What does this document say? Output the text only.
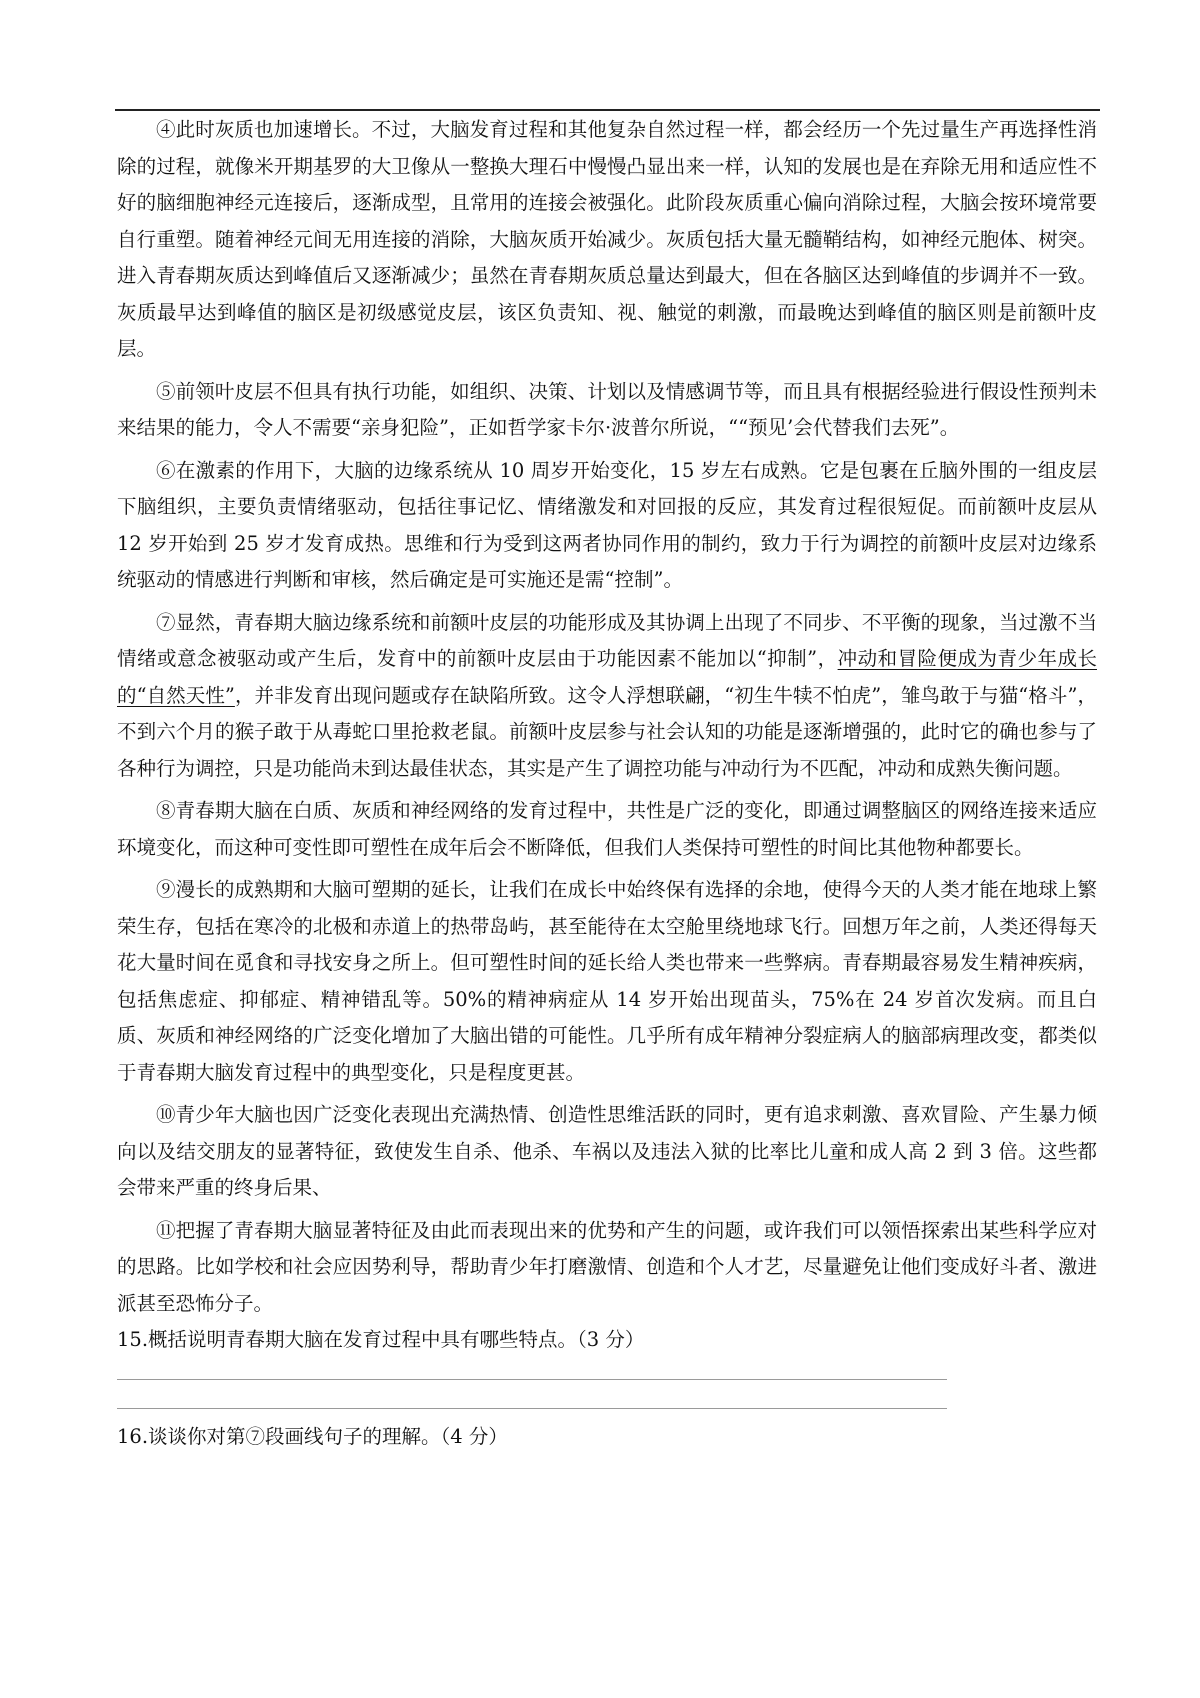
④此时灰质也加速增长。不过，大脑发育过程和其他复杂自然过程一样，都会经历一个先过量生产再选择性消除的过程，就像米开期基罗的大卫像从一整换大理石中慢慢凸显出来一样，认知的发展也是在弃除无用和适应性不好的脑细胞神经元连接后，逐渐成型，且常用的连接会被强化。此阶段灰质重心偏向消除过程，大脑会按环境常要自行重塑。随着神经元间无用连接的消除，大脑灰质开始减少。灰质包括大量无髓鞘结构，如神经元胞体、树突。进入青春期灰质达到峰值后又逐渐减少；虽然在青春期灰质总量达到最大，但在各脑区达到峰值的步调并不一致。灰质最早达到峰值的脑区是初级感觉皮层，该区负责知、视、触觉的刺激，而最晚达到峰值的脑区则是前额叶皮层。

⑤前领叶皮层不但具有执行功能，如组织、决策、计划以及情感调节等，而且具有根据经验进行假设性预判未来结果的能力，令人不需要“亲身犯险”，正如哲学家卡尔·波普尔所说，““预见’会代替我们去死”。

⑥在激素的作用下，大脑的边缘系统从 10 周岁开始变化，15 岁左右成熟。它是包裹在丘脑外围的一组皮层下脑组织，主要负责情绪驱动，包括往事记忆、情绪激发和对回报的反应，其发育过程很短促。而前额叶皮层从 12 岁开始到 25 岁才发育成热。思维和行为受到这两者协同作用的制约，致力于行为调控的前额叶皮层对边缘系统驱动的情感进行判断和审核，然后确定是可实施还是需“控制”。

⑦显然，青春期大脑边缘系统和前额叶皮层的功能形成及其协调上出现了不同步、不平衡的现象，当过激不当情绪或意念被驱动或产生后，发育中的前额叶皮层由于功能因素不能加以“抑制”，冲动和冒险便成为青少年成长的“自然天性”，并非发育出现问题或存在缺陷所致。这令人浮想联翩，“初生牛犊不怕虎”，雏鸟敢于与猫“格斗”，不到六个月的猴子敢于从毒蛇口里抢救老鼠。前额叶皮层参与社会认知的功能是逐渐增强的，此时它的确也参与了各种行为调控，只是功能尚未到达最佳状态，其实是产生了调控功能与冲动行为不匹配，冲动和成熟失衡问题。

⑧青春期大脑在白质、灰质和神经网络的发育过程中，共性是广泛的变化，即通过调整脑区的网络连接来适应环境变化，而这种可变性即可塑性在成年后会不断降低，但我们人类保持可塑性的时间比其他物种都要长。

⑨漫长的成熟期和大脑可塑期的延长，让我们在成长中始终保有选择的余地，使得今天的人类才能在地球上繁荣生存，包括在寒冷的北极和赤道上的热带岛屿，甚至能待在太空舱里绕地球飞行。回想万年之前，人类还得每天花大量时间在觅食和寻找安身之所上。但可塑性时间的延长给人类也带来一些弊病。青春期最容易发生精神疾病，包括焦虑症、抑郁症、精神错乱等。50%的精神病症从 14 岁开始出现苗头，75%在 24 岁首次发病。而且白质、灰质和神经网络的广泛变化增加了大脑出错的可能性。几乎所有成年精神分裂症病人的脑部病理改变，都类似于青春期大脑发育过程中的典型变化，只是程度更甚。

⑩青少年大脑也因广泛变化表现出充满热情、创造性思维活跃的同时，更有追求刺激、喜欢冒险、产生暴力倾向以及结交朋友的显著特征，致使发生自杀、他杀、车祸以及违法入狱的比率比儿童和成人高 2 到 3 倍。这些都会带来严重的终身后果、

⑪把握了青春期大脑显著特征及由此而表现出来的优势和产生的问题，或许我们可以领悟探索出某些科学应对的思路。比如学校和社会应因势利导，帮助青少年打磨激情、创造和个人才艺，尽量避免让他们变成好斗者、激进派甚至恐怖分子。

15.概括说明青春期大脑在发育过程中具有哪些特点。（3 分）

16.谈谈你对第⑦段画线句子的理解。（4 分）
